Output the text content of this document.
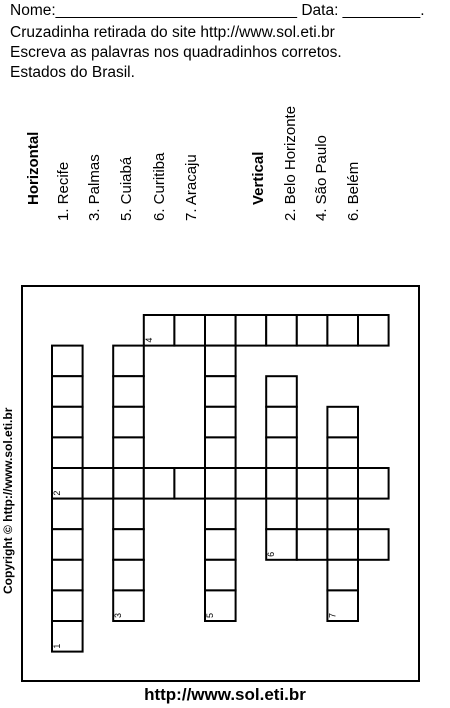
Nome:____________________________ Data: _________.
Cruzadinha retirada do site http://www.sol.eti.br
Escreva as palavras nos quadradinhos corretos.
Estados do Brasil.
Horizontal 1. Recife 3. Palmas 5. Cuiabá 6. Curitiba 7. Aracaju	Vertical 2. Belo Horizonte 4. São Paulo 6. Belém
Copyright © http://www.sol.eti.br
1
2
3
4
5
6
7
http://www.sol.eti.br
